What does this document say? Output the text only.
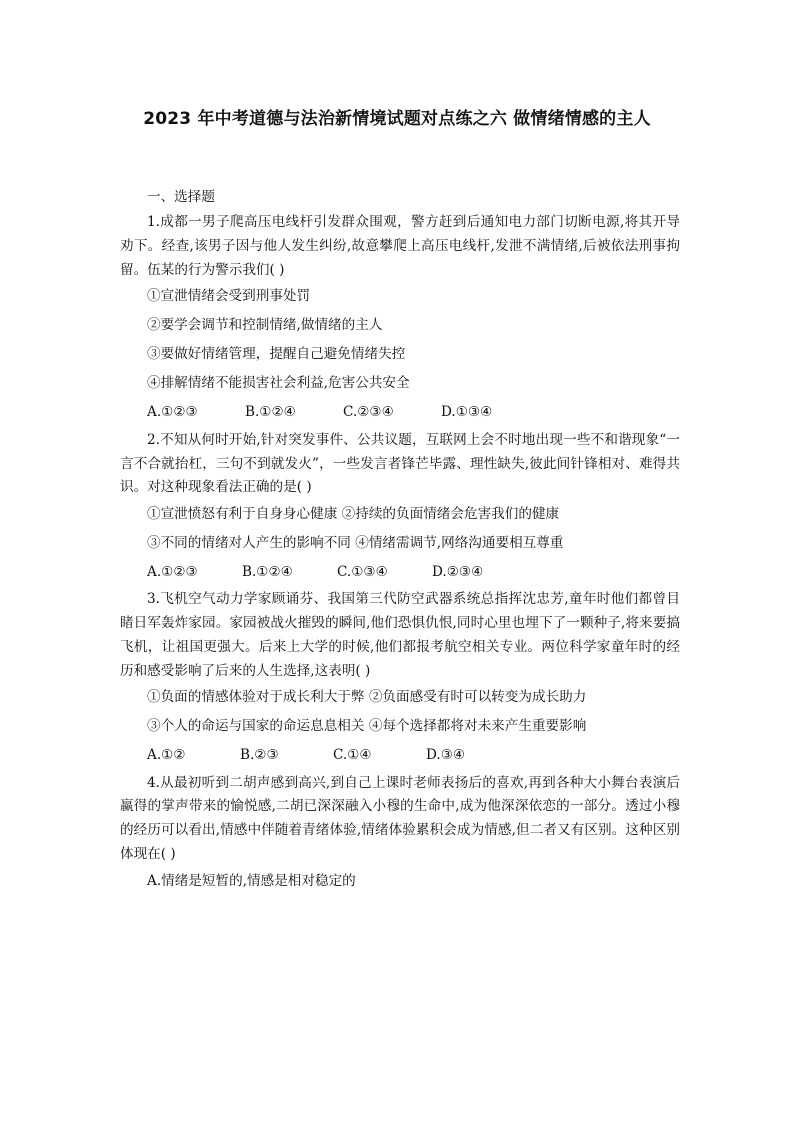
2023 年中考道德与法治新情境试题对点练之六 做情绪情感的主人

一、选择题

1.成都一男子爬高压电线杆引发群众围观，警方赶到后通知电力部门切断电源,将其开导劝下。经查,该男子因与他人发生纠纷,故意攀爬上高压电线杆,发泄不满情绪,后被依法刑事拘留。伍某的行为警示我们( )

①宣泄情绪会受到刑事处罚

②要学会调节和控制情绪,做情绪的主人

③要做好情绪管理，提醒自己避免情绪失控

④排解情绪不能损害社会利益,危害公共安全

A.①②③	B.①②④	C.②③④	D.①③④

2.不知从何时开始,针对突发事件、公共议题，互联网上会不时地出现一些不和谐现象“一言不合就抬杠，三句不到就发火”，一些发言者锋芒毕露、理性缺失,彼此间针锋相对、难得共识。对这种现象看法正确的是( )

①宣泄愤怒有利于自身身心健康 ②持续的负面情绪会危害我们的健康

③不同的情绪对人产生的影响不同 ④情绪需调节,网络沟通要相互尊重

A.①②③	B.①②④	C.①③④	D.②③④

3.飞机空气动力学家顾诵芬、我国第三代防空武器系统总指挥沈忠芳,童年时他们都曾目睹日军轰炸家园。家园被战火摧毁的瞬间,他们恐惧仇恨,同时心里也埋下了一颗种子,将来要搞飞机，让祖国更强大。后来上大学的时候,他们都报考航空相关专业。两位科学家童年时的经历和感受影响了后来的人生选择,这表明( )

①负面的情感体验对于成长利大于弊 ②负面感受有时可以转变为成长助力

③个人的命运与国家的命运息息相关 ④每个选择都将对未来产生重要影响

A.①②	B.②③	C.①④	D.③④

4.从最初听到二胡声感到高兴,到自己上课时老师表扬后的喜欢,再到各种大小舞台表演后赢得的掌声带来的愉悦感,二胡已深深融入小穆的生命中,成为他深深依恋的一部分。透过小穆的经历可以看出,情感中伴随着青绪体验,情绪体验累积会成为情感,但二者又有区别。这种区别体现在( )

A.情绪是短暂的,情感是相对稳定的
